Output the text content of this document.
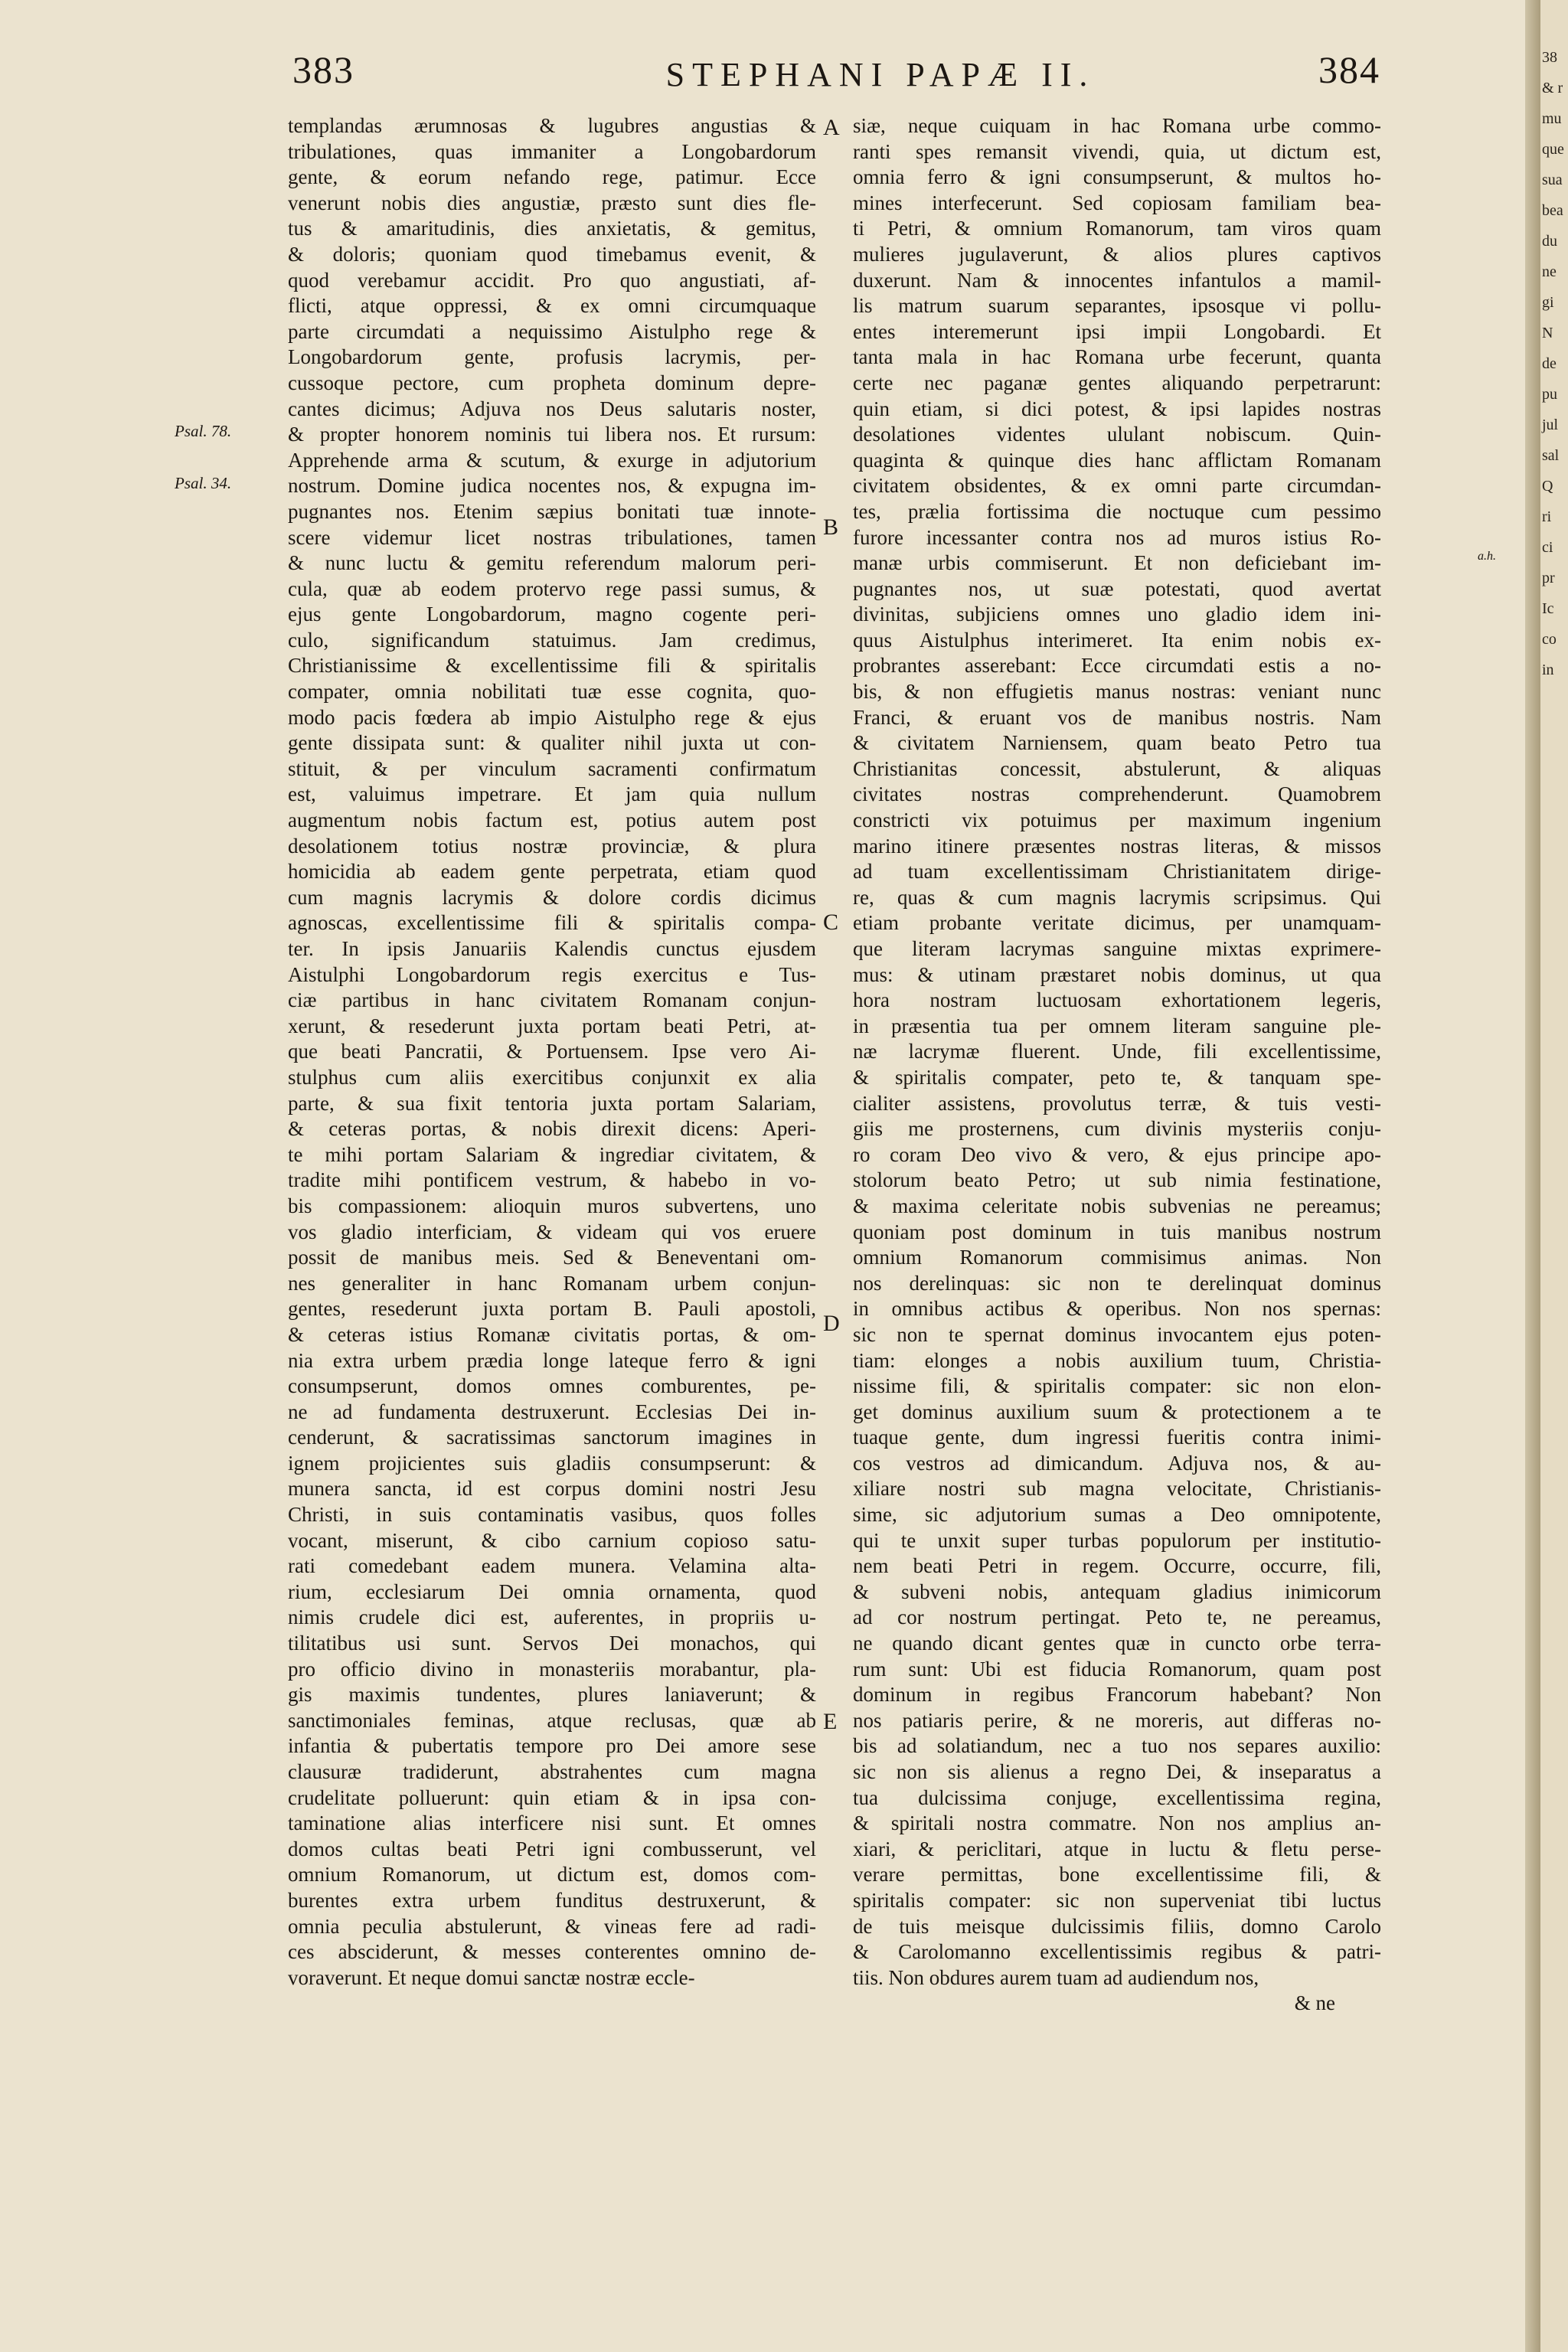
383	STEPHANI PAPÆ II.	384
Psal. 78.
Psal. 34.
A
B
C
D
E
templandas ærumnosas & lugubres angustias &
tribulationes, quas immaniter a Longobardorum
gente, & eorum nefando rege, patimur. Ecce
venerunt nobis dies angustiæ, præsto sunt dies fle-
tus & amaritudinis, dies anxietatis, & gemitus,
& doloris; quoniam quod timebamus evenit, &
quod verebamur accidit. Pro quo angustiati, af-
flicti, atque oppressi, & ex omni circumquaque
parte circumdati a nequissimo Aistulpho rege &
Longobardorum gente, profusis lacrymis, per-
cussoque pectore, cum propheta dominum depre-
cantes dicimus; Adjuva nos Deus salutaris noster,
& propter honorem nominis tui libera nos. Et rursum:
Apprehende arma & scutum, & exurge in adjutorium
nostrum. Domine judica nocentes nos, & expugna im-
pugnantes nos. Etenim sæpius bonitati tuæ innote-
scere videmur licet nostras tribulationes, tamen
& nunc luctu & gemitu referendum malorum peri-
cula, quæ ab eodem protervo rege passi sumus, &
ejus gente Longobardorum, magno cogente peri-
culo, significandum statuimus. Jam credimus,
Christianissime & excellentissime fili & spiritalis
compater, omnia nobilitati tuæ esse cognita, quo-
modo pacis fœdera ab impio Aistulpho rege & ejus
gente dissipata sunt: & qualiter nihil juxta ut con-
stituit, & per vinculum sacramenti confirmatum
est, valuimus impetrare. Et jam quia nullum
augmentum nobis factum est, potius autem post
desolationem totius nostræ provinciæ, & plura
homicidia ab eadem gente perpetrata, etiam quod
cum magnis lacrymis & dolore cordis dicimus
agnoscas, excellentissime fili & spiritalis compa-
ter. In ipsis Januariis Kalendis cunctus ejusdem
Aistulphi Longobardorum regis exercitus e Tus-
ciæ partibus in hanc civitatem Romanam conjun-
xerunt, & resederunt juxta portam beati Petri, at-
que beati Pancratii, & Portuensem. Ipse vero Ai-
stulphus cum aliis exercitibus conjunxit ex alia
parte, & sua fixit tentoria juxta portam Salariam,
& ceteras portas, & nobis direxit dicens: Aperi-
te mihi portam Salariam & ingrediar civitatem, &
tradite mihi pontificem vestrum, & habebo in vo-
bis compassionem: alioquin muros subvertens, uno
vos gladio interficiam, & videam qui vos eruere
possit de manibus meis. Sed & Beneventani om-
nes generaliter in hanc Romanam urbem conjun-
gentes, resederunt juxta portam B. Pauli apostoli,
& ceteras istius Romanæ civitatis portas, & om-
nia extra urbem prædia longe lateque ferro & igni
consumpserunt, domos omnes comburentes, pe-
ne ad fundamenta destruxerunt. Ecclesias Dei in-
cenderunt, & sacratissimas sanctorum imagines in
ignem projicientes suis gladiis consumpserunt: &
munera sancta, id est corpus domini nostri Jesu
Christi, in suis contaminatis vasibus, quos folles
vocant, miserunt, & cibo carnium copioso satu-
rati comedebant eadem munera. Velamina alta-
rium, ecclesiarum Dei omnia ornamenta, quod
nimis crudele dici est, auferentes, in propriis u-
tilitatibus usi sunt. Servos Dei monachos, qui
pro officio divino in monasteriis morabantur, pla-
gis maximis tundentes, plures laniaverunt; &
sanctimoniales feminas, atque reclusas, quæ ab
infantia & pubertatis tempore pro Dei amore sese
clausuræ tradiderunt, abstrahentes cum magna
crudelitate polluerunt: quin etiam & in ipsa con-
taminatione alias interficere nisi sunt. Et omnes
domos cultas beati Petri igni combusserunt, vel
omnium Romanorum, ut dictum est, domos com-
burentes extra urbem funditus destruxerunt, &
omnia peculia abstulerunt, & vineas fere ad radi-
ces absciderunt, & messes conterentes omnino de-
voraverunt. Et neque domui sanctæ nostræ eccle-
siæ, neque cuiquam in hac Romana urbe commo-
ranti spes remansit vivendi, quia, ut dictum est,
omnia ferro & igni consumpserunt, & multos ho-
mines interfecerunt. Sed copiosam familiam bea-
ti Petri, & omnium Romanorum, tam viros quam
mulieres jugulaverunt, & alios plures captivos
duxerunt. Nam & innocentes infantulos a mamil-
lis matrum suarum separantes, ipsosque vi pollu-
entes interemerunt ipsi impii Longobardi. Et
tanta mala in hac Romana urbe fecerunt, quanta
certe nec paganæ gentes aliquando perpetrarunt:
quin etiam, si dici potest, & ipsi lapides nostras
desolationes videntes ululant nobiscum. Quin-
quaginta & quinque dies hanc afflictam Romanam
civitatem obsidentes, & ex omni parte circumdan-
tes, prælia fortissima die noctuque cum pessimo
furore incessanter contra nos ad muros istius Ro-
manæ urbis commiserunt. Et non deficiebant im-
pugnantes nos, ut suæ potestati, quod avertat
divinitas, subjiciens omnes uno gladio idem ini-
quus Aistulphus interimeret. Ita enim nobis ex-
probrantes asserebant: Ecce circumdati estis a no-
bis, & non effugietis manus nostras: veniant nunc
Franci, & eruant vos de manibus nostris. Nam
& civitatem Narniensem, quam beato Petro tua
Christianitas concessit, abstulerunt, & aliquas
civitates nostras comprehenderunt. Quamobrem
constricti vix potuimus per maximum ingenium
marino itinere præsentes nostras literas, & missos
ad tuam excellentissimam Christianitatem dirige-
re, quas & cum magnis lacrymis scripsimus. Qui
etiam probante veritate dicimus, per unamquam-
que literam lacrymas sanguine mixtas exprimere-
mus: & utinam præstaret nobis dominus, ut qua
hora nostram luctuosam exhortationem legeris,
in præsentia tua per omnem literam sanguine ple-
næ lacrymæ fluerent. Unde, fili excellentissime,
& spiritalis compater, peto te, & tanquam spe-
cialiter assistens, provolutus terræ, & tuis vesti-
giis me prosternens, cum divinis mysteriis conju-
ro coram Deo vivo & vero, & ejus principe apo-
stolorum beato Petro; ut sub nimia festinatione,
& maxima celeritate nobis subvenias ne pereamus;
quoniam post dominum in tuis manibus nostrum
omnium Romanorum commisimus animas. Non
nos derelinquas: sic non te derelinquat dominus
in omnibus actibus & operibus. Non nos spernas:
sic non te spernat dominus invocantem ejus poten-
tiam: elonges a nobis auxilium tuum, Christia-
nissime fili, & spiritalis compater: sic non elon-
get dominus auxilium suum & protectionem a te
tuaque gente, dum ingressi fueritis contra inimi-
cos vestros ad dimicandum. Adjuva nos, & au-
xiliare nostri sub magna velocitate, Christianis-
sime, sic adjutorium sumas a Deo omnipotente,
qui te unxit super turbas populorum per institutio-
nem beati Petri in regem. Occurre, occurre, fili,
& subveni nobis, antequam gladius inimicorum
ad cor nostrum pertingat. Peto te, ne pereamus,
ne quando dicant gentes quæ in cuncto orbe terra-
rum sunt: Ubi est fiducia Romanorum, quam post
dominum in regibus Francorum habebant? Non
nos patiaris perire, & ne moreris, aut differas no-
bis ad solatiandum, nec a tuo nos separes auxilio:
sic non sis alienus a regno Dei, & inseparatus a
tua dulcissima conjuge, excellentissima regina,
& spiritali nostra commatre. Non nos amplius an-
xiari, & periclitari, atque in luctu & fletu perse-
verare permittas, bone excellentissime fili, &
spiritalis compater: sic non superveniat tibi luctus
de tuis meisque dulcissimis filiis, domno Carolo
& Carolomanno excellentissimis regibus & patri-
tiis. Non obdures aurem tuam ad audiendum nos,
& ne
a.h.
38
& r
mu
que
sua
bea
du
ne
gi
N
de
pu
jul
sal
Q
ri
ci
pr
Ic
co
in
